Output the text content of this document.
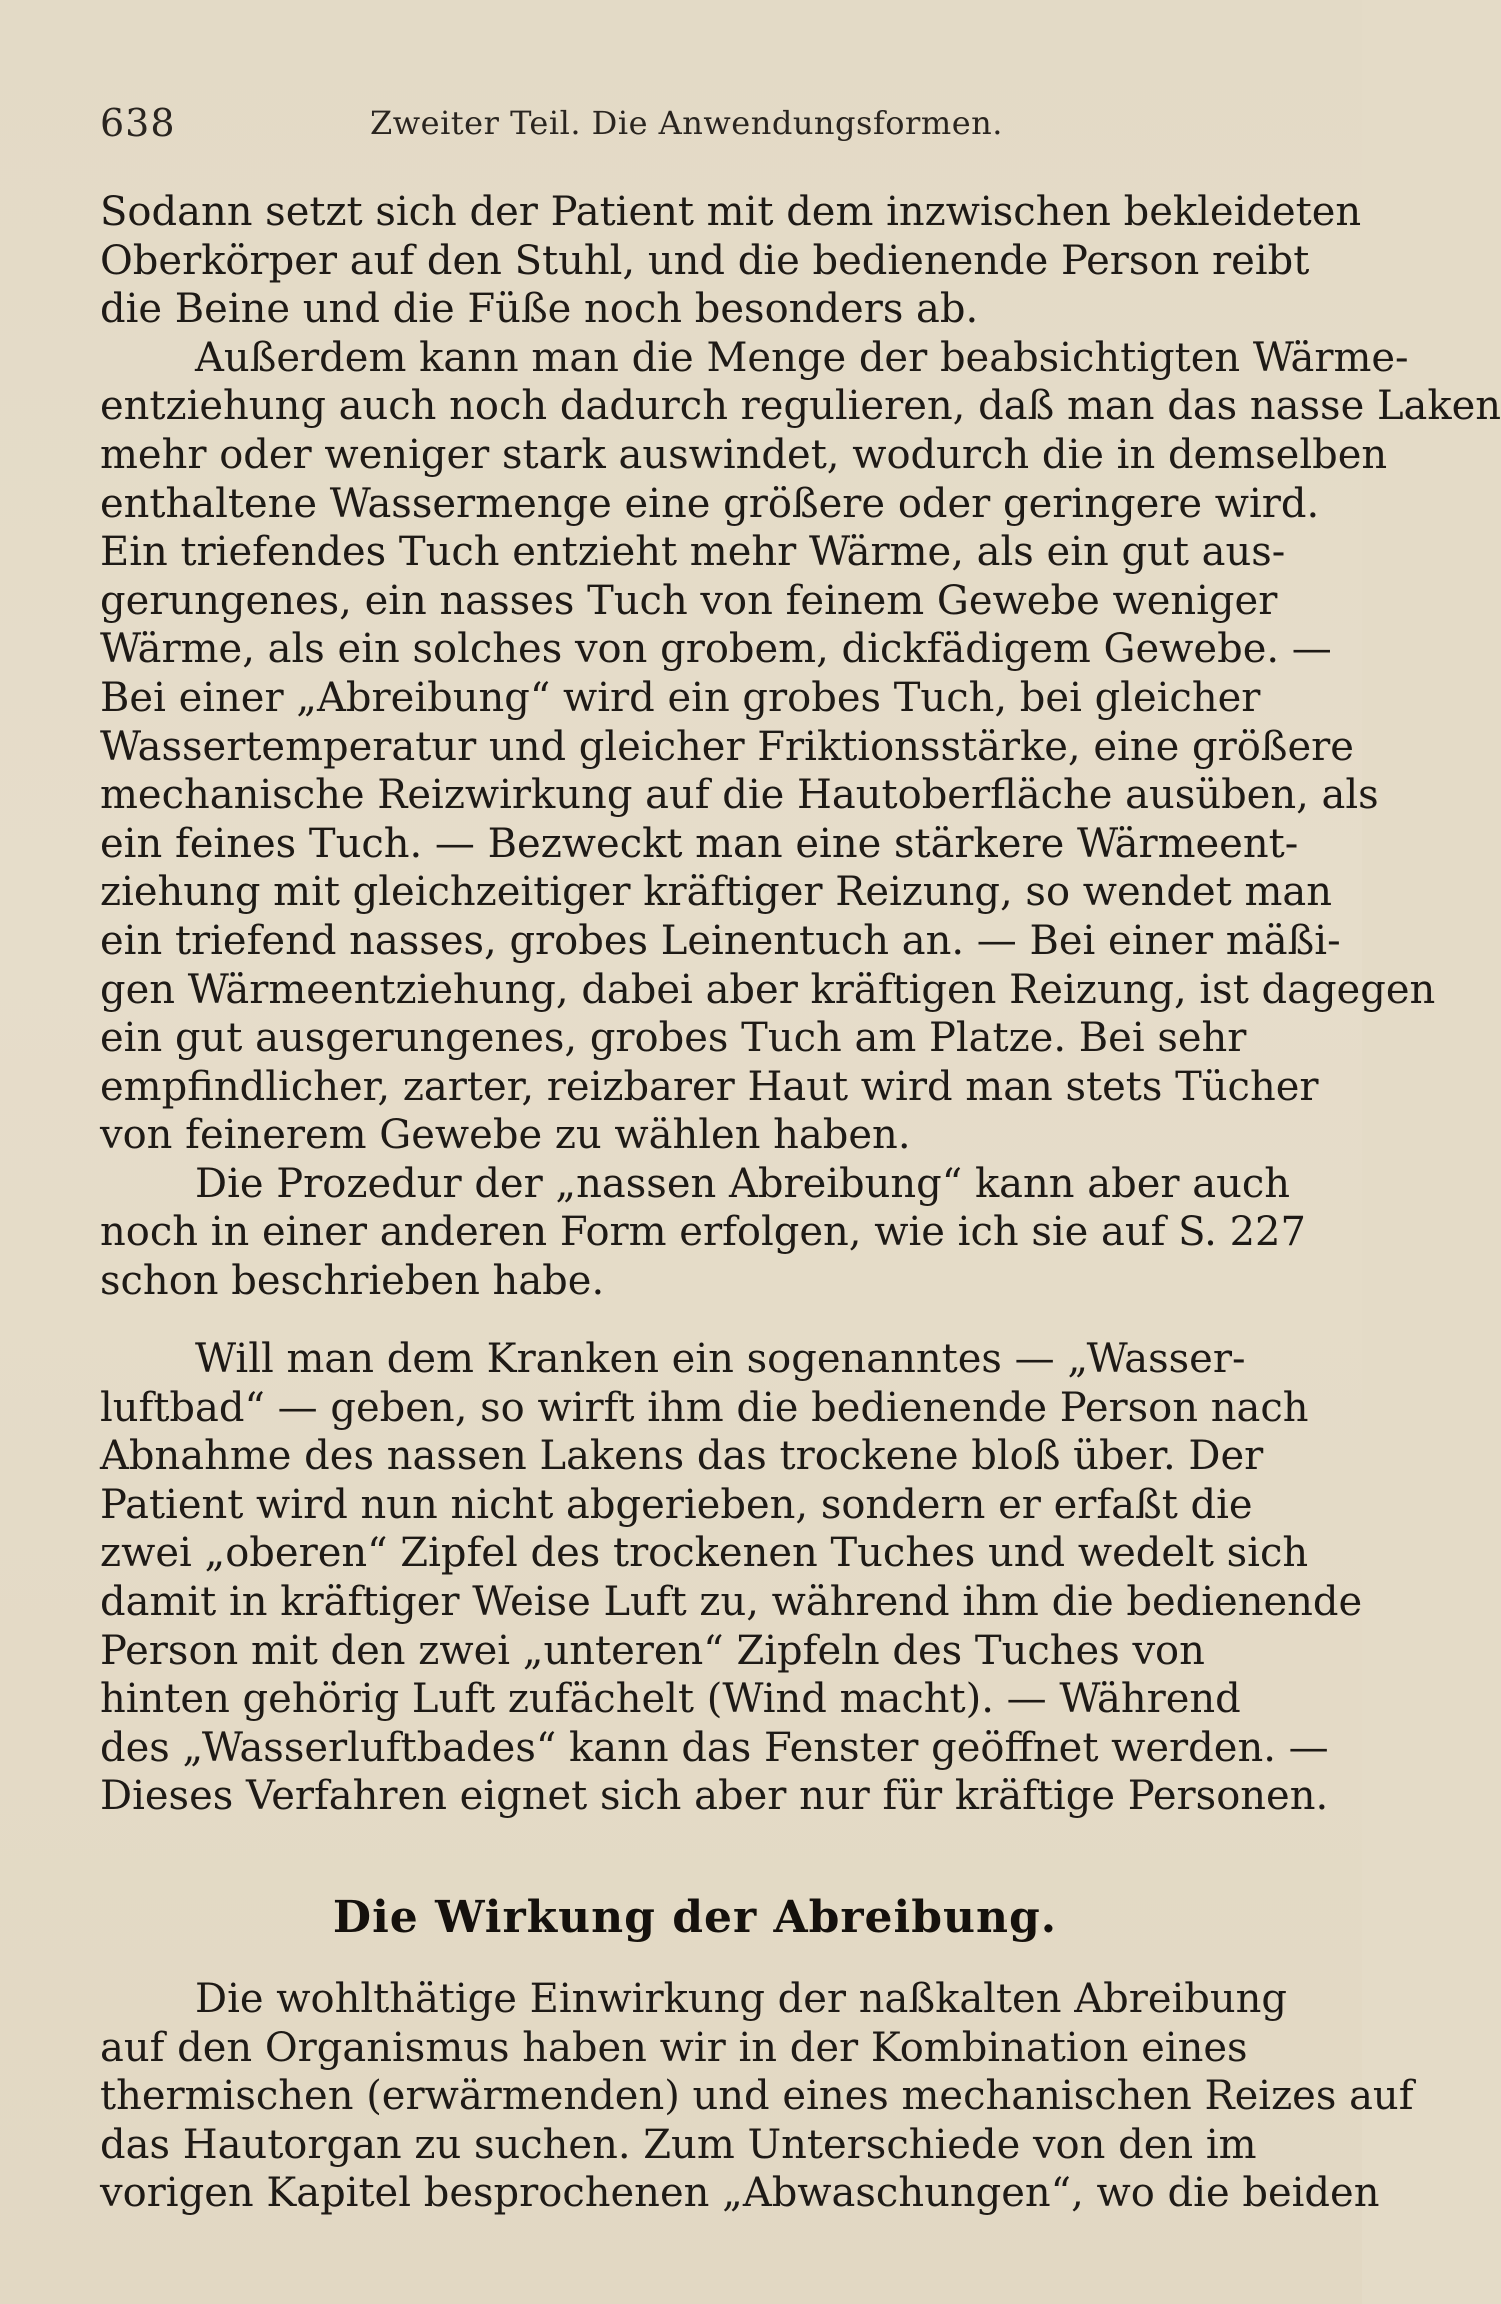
638	Zweiter Teil. Die Anwendungsformen.
Sodann setzt sich der Patient mit dem inzwischen bekleideten
Oberkörper auf den Stuhl, und die bedienende Person reibt
die Beine und die Füße noch besonders ab.
Außerdem kann man die Menge der beabsichtigten Wärme-
entziehung auch noch dadurch regulieren, daß man das nasse Laken
mehr oder weniger stark auswindet, wodurch die in demselben
enthaltene Wassermenge eine größere oder geringere wird.
Ein triefendes Tuch entzieht mehr Wärme, als ein gut aus-
gerungenes, ein nasses Tuch von feinem Gewebe weniger
Wärme, als ein solches von grobem, dickfädigem Gewebe. —
Bei einer „Abreibung“ wird ein grobes Tuch, bei gleicher
Wassertemperatur und gleicher Friktionsstärke, eine größere
mechanische Reizwirkung auf die Hautoberfläche ausüben, als
ein feines Tuch. — Bezweckt man eine stärkere Wärmeent-
ziehung mit gleichzeitiger kräftiger Reizung, so wendet man
ein triefend nasses, grobes Leinentuch an. — Bei einer mäßi-
gen Wärmeentziehung, dabei aber kräftigen Reizung, ist dagegen
ein gut ausgerungenes, grobes Tuch am Platze. Bei sehr
empfindlicher, zarter, reizbarer Haut wird man stets Tücher
von feinerem Gewebe zu wählen haben.
Die Prozedur der „nassen Abreibung“ kann aber auch
noch in einer anderen Form erfolgen, wie ich sie auf S. 227
schon beschrieben habe.
Will man dem Kranken ein sogenanntes — „Wasser-
luftbad“ — geben, so wirft ihm die bedienende Person nach
Abnahme des nassen Lakens das trockene bloß über. Der
Patient wird nun nicht abgerieben, sondern er erfaßt die
zwei „oberen“ Zipfel des trockenen Tuches und wedelt sich
damit in kräftiger Weise Luft zu, während ihm die bedienende
Person mit den zwei „unteren“ Zipfeln des Tuches von
hinten gehörig Luft zufächelt (Wind macht). — Während
des „Wasserluftbades“ kann das Fenster geöffnet werden. —
Dieses Verfahren eignet sich aber nur für kräftige Personen.
Die Wirkung der Abreibung.
Die wohlthätige Einwirkung der naßkalten Abreibung
auf den Organismus haben wir in der Kombination eines
thermischen (erwärmenden) und eines mechanischen Reizes auf
das Hautorgan zu suchen. Zum Unterschiede von den im
vorigen Kapitel besprochenen „Abwaschungen“, wo die beiden
